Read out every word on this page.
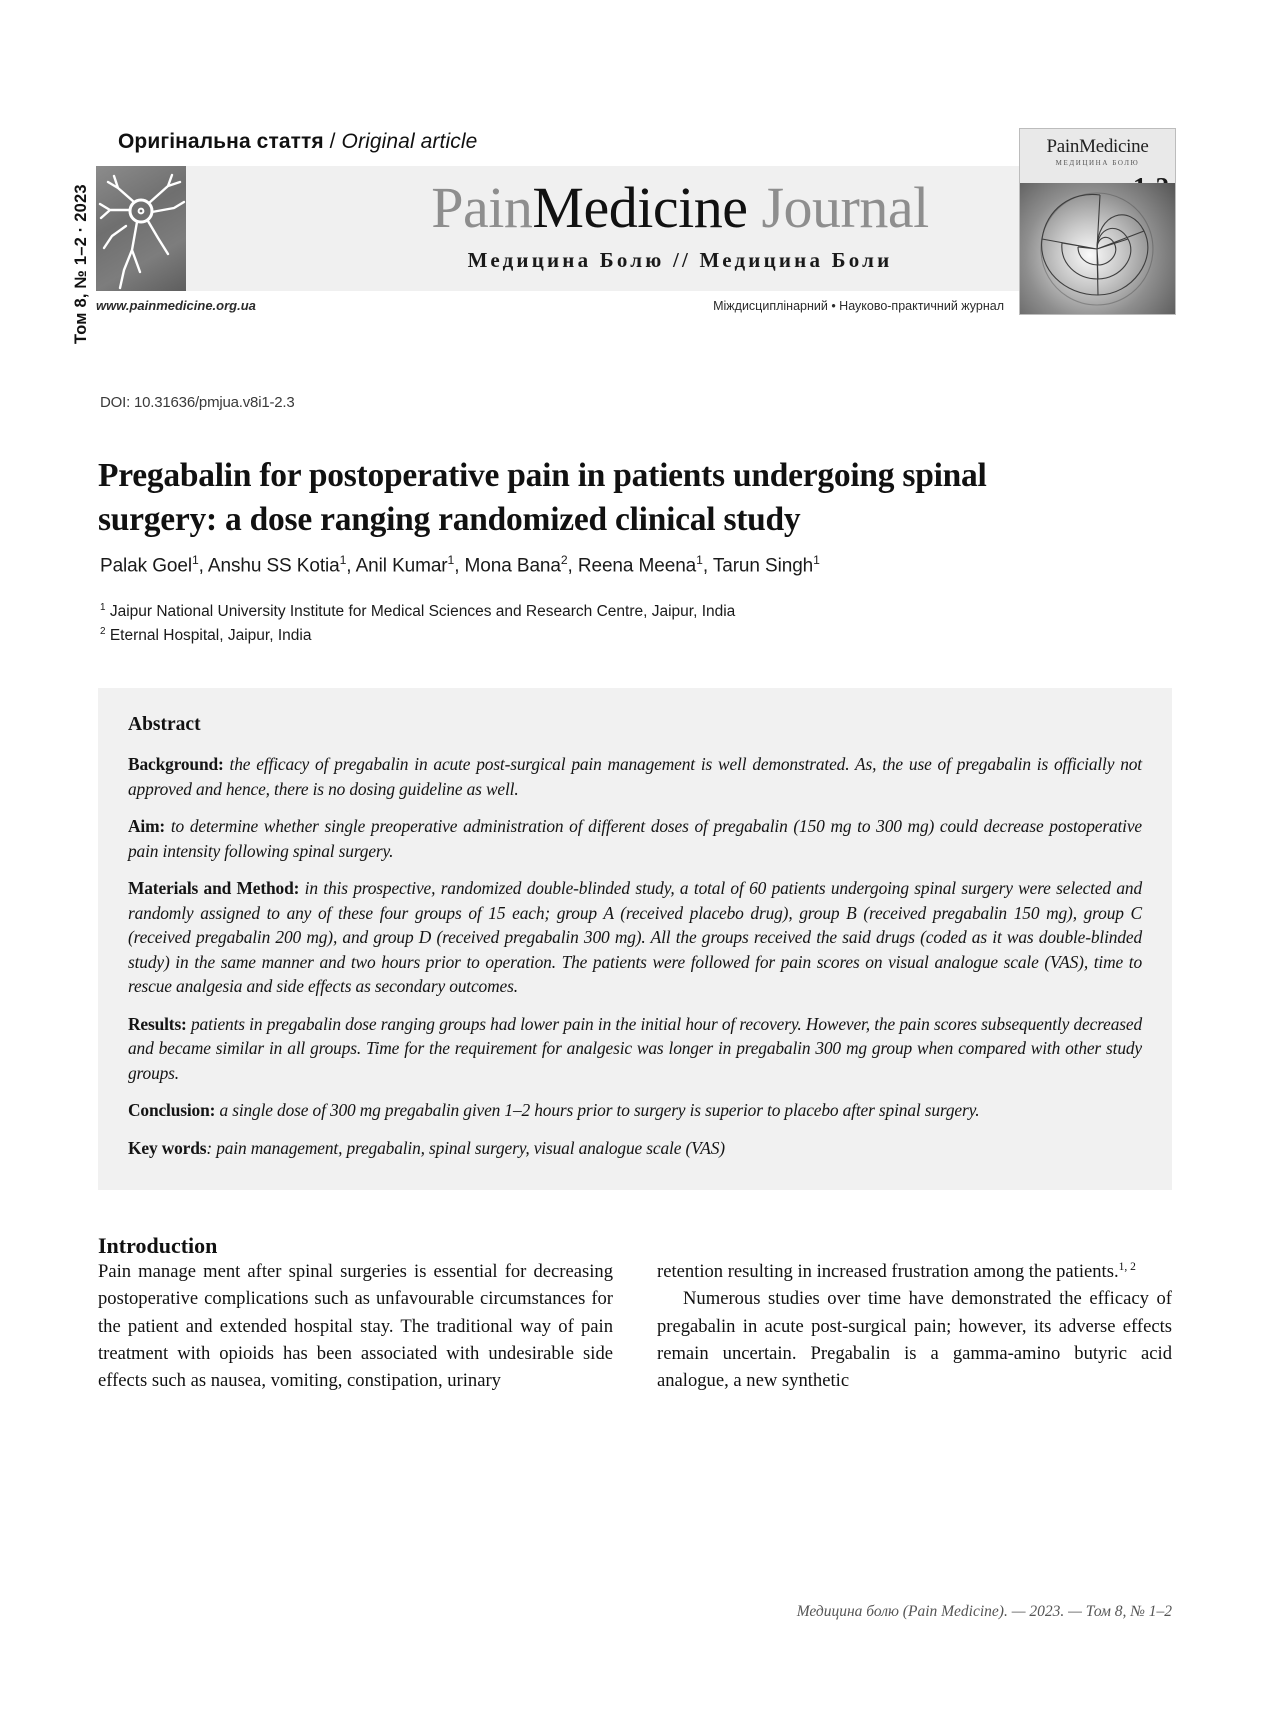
Оригінальна стаття / Original article
Том 8, № 1–2 · 2023	PainMedicine Journal
Медицина Болю // Медицина Боли
PainMedicine
МЕДИЦИНА БОЛЮ
www.painmedicine.org.ua	Міждисциплінарний • Науково-практичний журнал
DOI: 10.31636/pmjua.v8i1-2.3
Pregabalin for postoperative pain in patients undergoing spinal surgery: a dose ranging randomized clinical study
Palak Goel$^1$, Anshu SS Kotia$^1$, Anil Kumar$^1$, Mona Bana$^2$, Reena Meena$^1$, Tarun Singh$^1$
$^1$ Jaipur National University Institute for Medical Sciences and Research Centre, Jaipur, India
$^2$ Eternal Hospital, Jaipur, India
Abstract

Background: the efficacy of pregabalin in acute post-surgical pain management is well demonstrated. As, the use of pregabalin is officially not approved and hence, there is no dosing guideline as well.

Aim: to determine whether single preoperative administration of different doses of pregabalin (150 mg to 300 mg) could decrease postoperative pain intensity following spinal surgery.

Materials and Method: in this prospective, randomized double-blinded study, a total of 60 patients undergoing spinal surgery were selected and randomly assigned to any of these four groups of 15 each; group A (received placebo drug), group B (received pregabalin 150 mg), group C (received pregabalin 200 mg), and group D (received pregabalin 300 mg). All the groups received the said drugs (coded as it was double-blinded study) in the same manner and two hours prior to operation. The patients were followed for pain scores on visual analogue scale (VAS), time to rescue analgesia and side effects as secondary outcomes.

Results: patients in pregabalin dose ranging groups had lower pain in the initial hour of recovery. However, the pain scores subsequently decreased and became similar in all groups. Time for the requirement for analgesic was longer in pregabalin 300 mg group when compared with other study groups.

Conclusion: a single dose of 300 mg pregabalin given 1–2 hours prior to surgery is superior to placebo after spinal surgery.

Key words: pain management, pregabalin, spinal surgery, visual analogue scale (VAS)

Introduction

Pain manage ment after spinal surgeries is essential for decreasing postoperative complications such as unfavourable circumstances for the patient and extended hospital stay. The traditional way of pain treatment with opioids has been associated with undesirable side effects such as nausea, vomiting, constipation, urinary

retention resulting in increased frustration among the patients.$^{1, 2}$

Numerous studies over time have demonstrated the efficacy of pregabalin in acute post-surgical pain; however, its adverse effects remain uncertain. Pregabalin is a gamma-amino butyric acid analogue, a new synthetic

Медицина болю (Pain Medicine). — 2023. — Том 8, № 1–2
